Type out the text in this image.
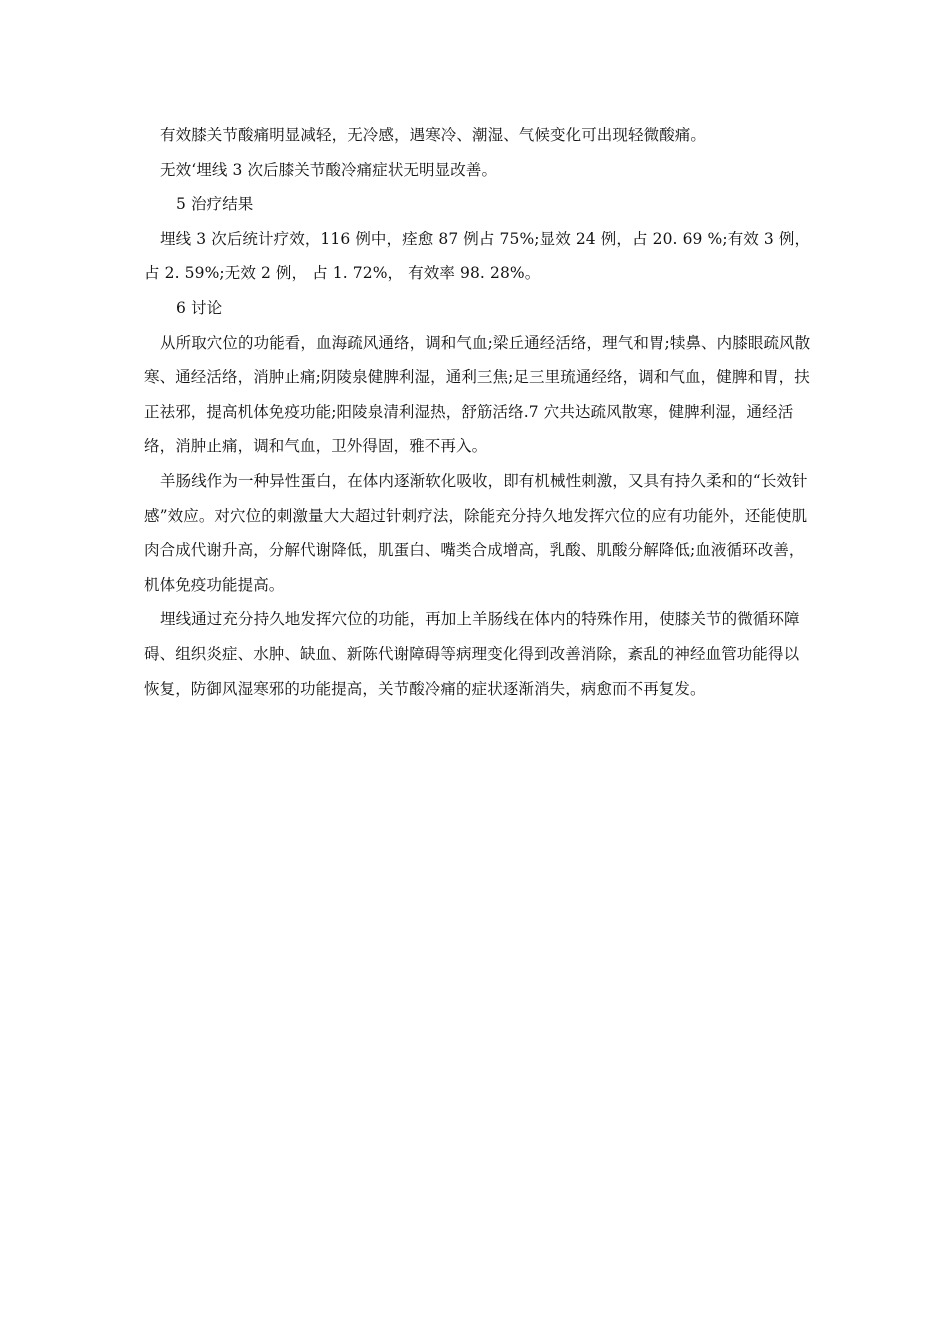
有效膝关节酸痛明显减轻，无冷感，遇寒冷、潮湿、气候变化可出现轻微酸痛。

无效‘埋线 3 次后膝关节酸冷痛症状无明显改善。

5 治疗结果

埋线 3 次后统计疗效，116 例中，痊愈 87 例占 75%;显效 24 例，占 20. 69 %;有效 3 例，占 2. 59%;无效 2 例， 占 1. 72%， 有效率 98. 28%。

6 讨论

从所取穴位的功能看，血海疏风通络，调和气血;梁丘通经活络，理气和胃;犊鼻、内膝眼疏风散寒、通经活络，消肿止痛;阴陵泉健脾利湿，通利三焦;足三里琉通经络，调和气血，健脾和胃，扶正祛邪，提高机体免疫功能;阳陵泉清利湿热，舒筋活络.7 穴共达疏风散寒，健脾利湿，通经活络，消肿止痛，调和气血，卫外得固，雅不再入。

羊肠线作为一种异性蛋白，在体内逐渐软化吸收，即有机械性刺激，又具有持久柔和的“长效针感”效应。对穴位的刺激量大大超过针刺疗法，除能充分持久地发挥穴位的应有功能外，还能使肌肉合成代谢升高，分解代谢降低，肌蛋白、嘴类合成增高，乳酸、肌酸分解降低;血液循环改善，机体免疫功能提高。

埋线通过充分持久地发挥穴位的功能，再加上羊肠线在体内的特殊作用，使膝关节的微循环障碍、组织炎症、水肿、缺血、新陈代谢障碍等病理变化得到改善消除，紊乱的神经血管功能得以恢复，防御风湿寒邪的功能提高，关节酸冷痛的症状逐渐消失，病愈而不再复发。
